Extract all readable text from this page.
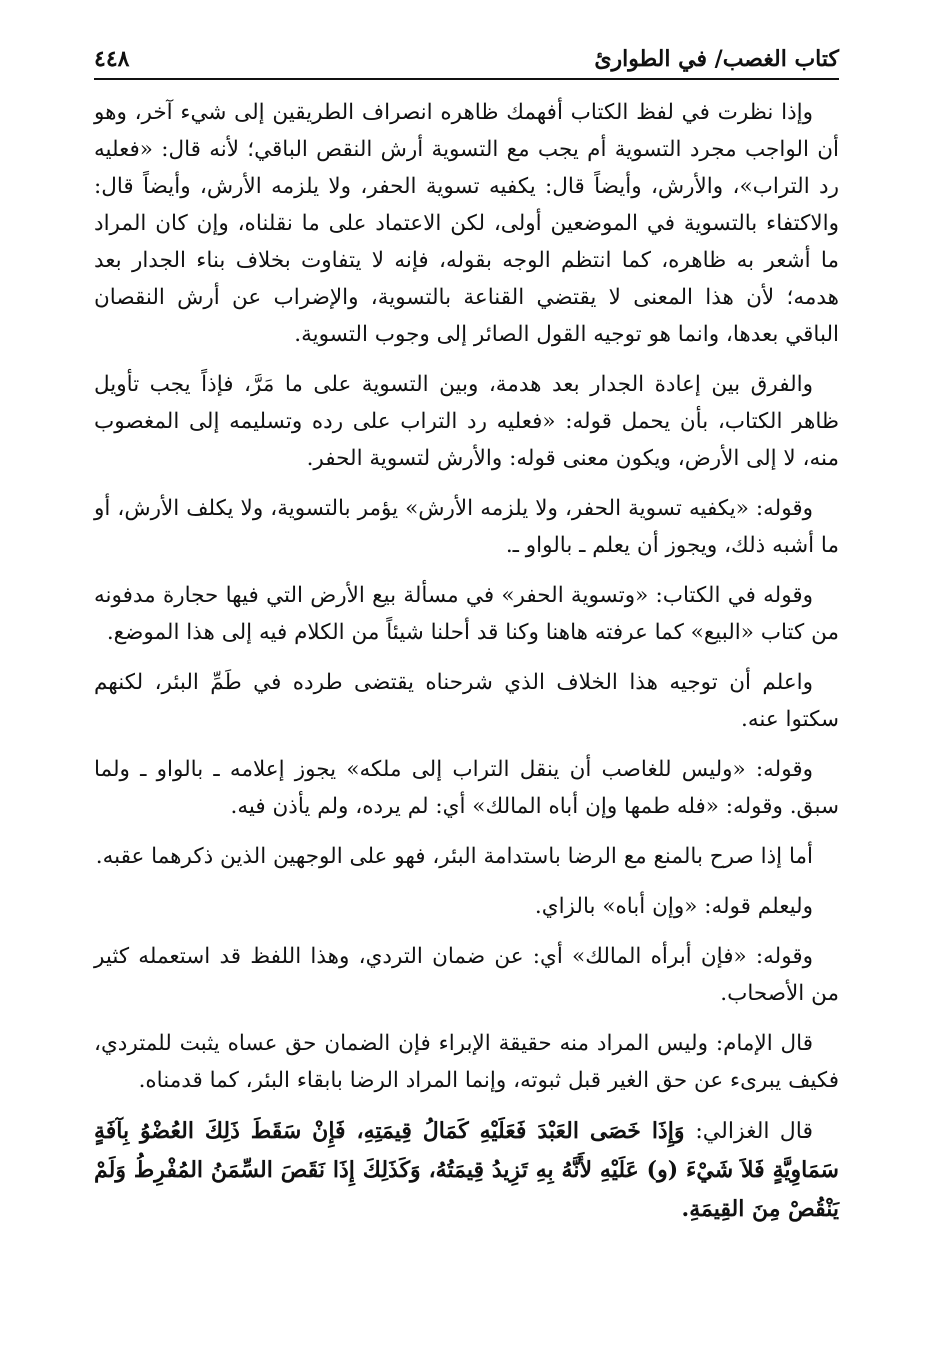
كتاب الغصب/ في الطوارئ
٤٤٨

وإذا نظرت في لفظ الكتاب أفهمك ظاهره انصراف الطريقين إلى شيء آخر، وهو أن الواجب مجرد التسوية أم يجب مع التسوية أرش النقص الباقي؛ لأنه قال: «فعليه رد التراب»، والأرش، وأيضاً قال: يكفيه تسوية الحفر، ولا يلزمه الأرش، وأيضاً قال: والاكتفاء بالتسوية في الموضعين أولى، لكن الاعتماد على ما نقلناه، وإن كان المراد ما أشعر به ظاهره، كما انتظم الوجه بقوله، فإنه لا يتفاوت بخلاف بناء الجدار بعد هدمه؛ لأن هذا المعنى لا يقتضي القناعة بالتسوية، والإضراب عن أرش النقصان الباقي بعدها، وانما هو توجيه القول الصائر إلى وجوب التسوية.

والفرق بين إعادة الجدار بعد هدمة، وبين التسوية على ما مَرَّ، فإذاً يجب تأويل ظاهر الكتاب، بأن يحمل قوله: «فعليه رد التراب على رده وتسليمه إلى المغصوب منه، لا إلى الأرض، ويكون معنى قوله: والأرش لتسوية الحفر.

وقوله: «يكفيه تسوية الحفر، ولا يلزمه الأرش» يؤمر بالتسوية، ولا يكلف الأرش، أو ما أشبه ذلك، ويجوز أن يعلم ـ بالواو ـ.

وقوله في الكتاب: «وتسوية الحفر» في مسألة بيع الأرض التي فيها حجارة مدفونه من كتاب «البيع» كما عرفته هاهنا وكنا قد أحلنا شيئاً من الكلام فيه إلى هذا الموضع.

واعلم أن توجيه هذا الخلاف الذي شرحناه يقتضى طرده في طَمِّ البئر، لكنهم سكتوا عنه.

وقوله: «وليس للغاصب أن ينقل التراب إلى ملكه» يجوز إعلامه ـ بالواو ـ ولما سبق. وقوله: «فله طمها وإن أباه المالك» أي: لم يرده، ولم يأذن فيه.

أما إذا صرح بالمنع مع الرضا باستدامة البئر، فهو على الوجهين الذين ذكرهما عقبه.

وليعلم قوله: «وإن أباه» بالزاي.

وقوله: «فإن أبرأه المالك» أي: عن ضمان التردي، وهذا اللفظ قد استعمله كثير من الأصحاب.

قال الإمام: وليس المراد منه حقيقة الإبراء فإن الضمان حق عساه يثبت للمتردي، فكيف يبرىء عن حق الغير قبل ثبوته، وإنما المراد الرضا بابقاء البئر، كما قدمناه.

قال الغزالي: وَإِذَا خَصَى العَبْدَ فَعَلَيْهِ كَمَالُ قِيمَتِهِ، فَإِنْ سَقَطَ ذَلِكَ العُضْوُ بِآفَةٍ سَمَاوِيَّةٍ فَلاَ شَيْءَ (و) عَلَيْهِ لأَنَّهُ بِهِ تَزِيدُ قِيمَتُهُ، وَكَذَلِكَ إِذَا نَقَصَ السِّمَنُ المُفْرِطُ وَلَمْ يَنْقُصْ مِنَ القِيمَةِ.
